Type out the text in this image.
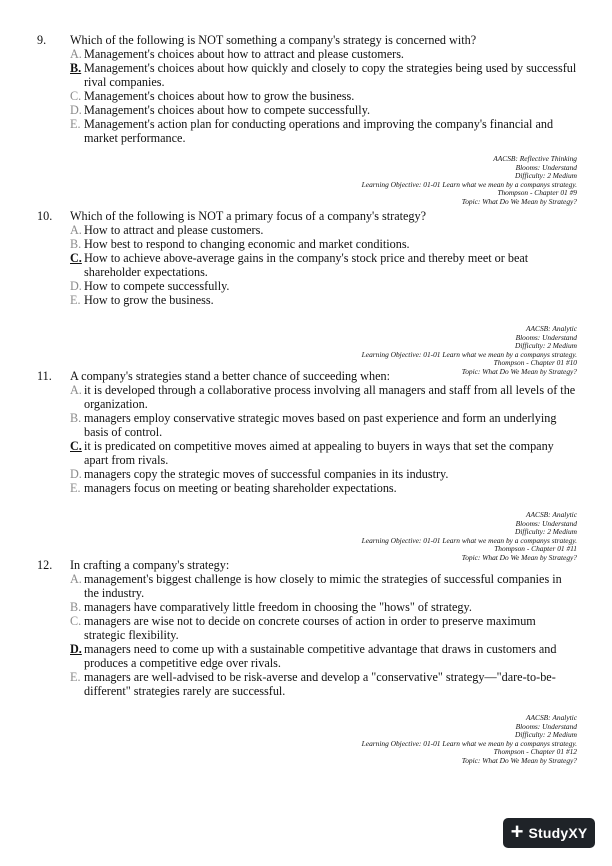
9. Which of the following is NOT something a company's strategy is concerned with?
A. Management's choices about how to attract and please customers.
B. Management's choices about how quickly and closely to copy the strategies being used by successful rival companies.
C. Management's choices about how to grow the business.
D. Management's choices about how to compete successfully.
E. Management's action plan for conducting operations and improving the company's financial and market performance.
AACSB: Reflective Thinking
Blooms: Understand
Difficulty: 2 Medium
Learning Objective: 01-01 Learn what we mean by a companys strategy.
Thompson - Chapter 01 #9
Topic: What Do We Mean by Strategy?
10. Which of the following is NOT a primary focus of a company's strategy?
A. How to attract and please customers.
B. How best to respond to changing economic and market conditions.
C. How to achieve above-average gains in the company's stock price and thereby meet or beat shareholder expectations.
D. How to compete successfully.
E. How to grow the business.
AACSB: Analytic
Blooms: Understand
Difficulty: 2 Medium
Learning Objective: 01-01 Learn what we mean by a companys strategy.
Thompson - Chapter 01 #10
Topic: What Do We Mean by Strategy?
11. A company's strategies stand a better chance of succeeding when:
A. it is developed through a collaborative process involving all managers and staff from all levels of the organization.
B. managers employ conservative strategic moves based on past experience and form an underlying basis of control.
C. it is predicated on competitive moves aimed at appealing to buyers in ways that set the company apart from rivals.
D. managers copy the strategic moves of successful companies in its industry.
E. managers focus on meeting or beating shareholder expectations.
AACSB: Analytic
Blooms: Understand
Difficulty: 2 Medium
Learning Objective: 01-01 Learn what we mean by a companys strategy.
Thompson - Chapter 01 #11
Topic: What Do We Mean by Strategy?
12. In crafting a company's strategy:
A. management's biggest challenge is how closely to mimic the strategies of successful companies in the industry.
B. managers have comparatively little freedom in choosing the "hows" of strategy.
C. managers are wise not to decide on concrete courses of action in order to preserve maximum strategic flexibility.
D. managers need to come up with a sustainable competitive advantage that draws in customers and produces a competitive edge over rivals.
E. managers are well-advised to be risk-averse and develop a "conservative" strategy—"dare-to-be-different" strategies rarely are successful.
AACSB: Analytic
Blooms: Understand
Difficulty: 2 Medium
Learning Objective: 01-01 Learn what we mean by a companys strategy.
Thompson - Chapter 01 #12
Topic: What Do We Mean by Strategy?
+ StudyXY
